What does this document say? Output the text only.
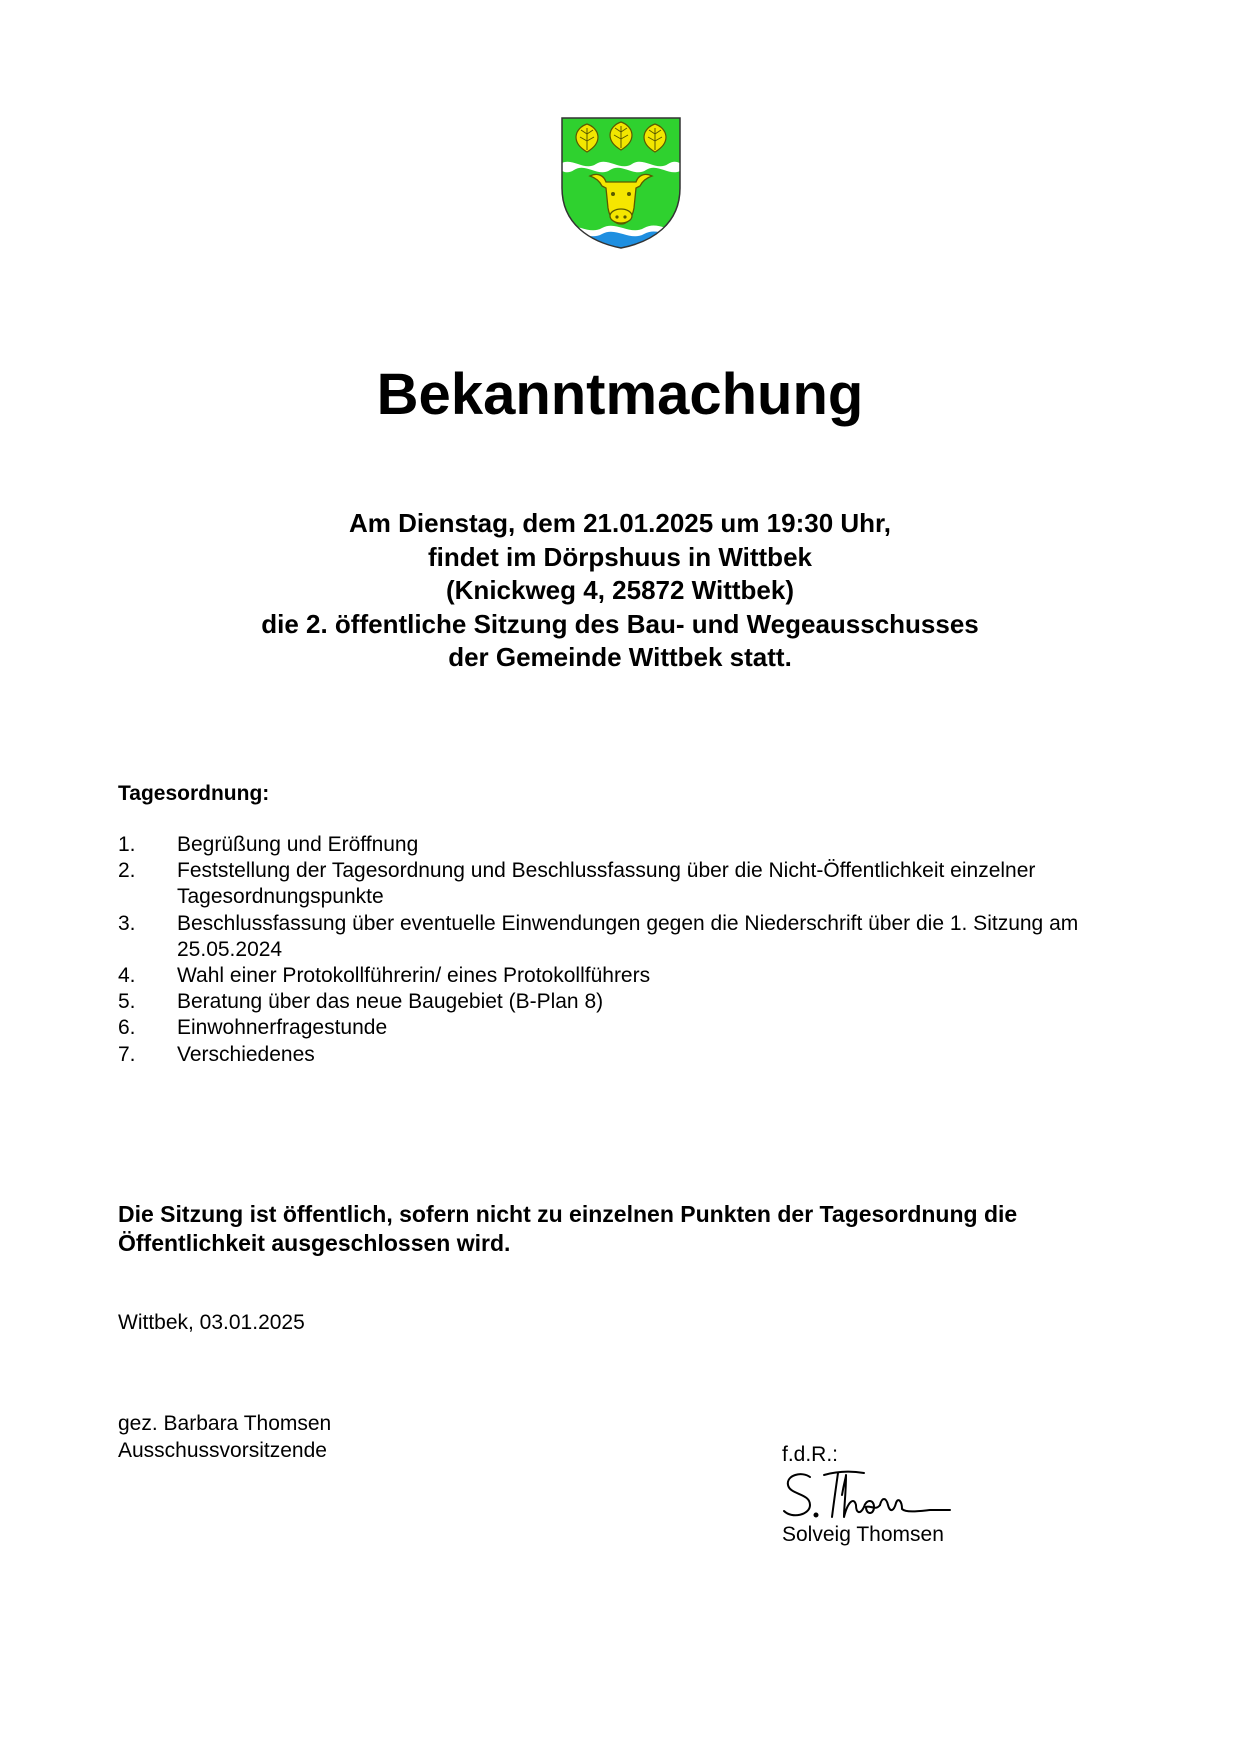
Bekanntmachung
Am Dienstag, dem 21.01.2025 um 19:30 Uhr,
findet im Dörpshuus in Wittbek
(Knickweg 4, 25872 Wittbek)
die 2. öffentliche Sitzung des Bau- und Wegeausschusses
der Gemeinde Wittbek statt.
Tagesordnung:
1. Begrüßung und Eröffnung
2. Feststellung der Tagesordnung und Beschlussfassung über die Nicht-Öffentlichkeit einzelner Tagesordnungspunkte
3. Beschlussfassung über eventuelle Einwendungen gegen die Niederschrift über die 1. Sitzung am 25.05.2024
4. Wahl einer Protokollführerin/ eines Protokollführers
5. Beratung über das neue Baugebiet (B-Plan 8)
6. Einwohnerfragestunde
7. Verschiedenes
Die Sitzung ist öffentlich, sofern nicht zu einzelnen Punkten der Tagesordnung die Öffentlichkeit ausgeschlossen wird.
Wittbek, 03.01.2025
gez. Barbara Thomsen
Ausschussvorsitzende	f.d.R.:
Solveig Thomsen
